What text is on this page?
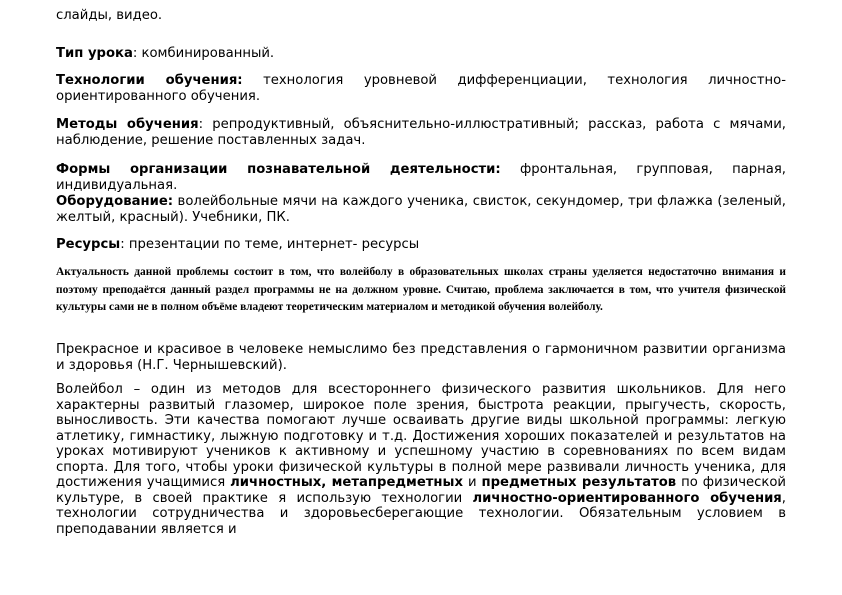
слайды, видео.
Тип урока: комбинированный.
Технологии обучения: технология уровневой дифференциации, технология личностно-ориентированного обучения.
Методы обучения: репродуктивный, объяснительно-иллюстративный; рассказ, работа с мячами, наблюдение, решение поставленных задач.
Формы организации познавательной деятельности: фронтальная, групповая, парная, индивидуальная.
Оборудование: волейбольные мячи на каждого ученика, свисток, секундомер, три флажка (зеленый, желтый, красный). Учебники, ПК.
Ресурсы: презентации по теме, интернет- ресурсы
Актуальность данной проблемы состоит в том, что волейболу в образовательных школах страны уделяется недостаточно внимания и поэтому преподаётся данный раздел программы не на должном уровне. Считаю, проблема заключается в том, что учителя физической культуры сами не в полном объёме владеют теоретическим материалом и методикой обучения волейболу.
Прекрасное и красивое в человеке немыслимо без представления о гармоничном развитии организма и здоровья (Н.Г. Чернышевский).
Волейбол – один из методов для всестороннего физического развития школьников. Для него характерны развитый глазомер, широкое поле зрения, быстрота реакции, прыгучесть, скорость, выносливость. Эти качества помогают лучше осваивать другие виды школьной программы: легкую атлетику, гимнастику, лыжную подготовку и т.д. Достижения хороших показателей и результатов на уроках мотивируют учеников к активному и успешному участию в соревнованиях по всем видам спорта. Для того, чтобы уроки физической культуры в полной мере развивали личность ученика, для достижения учащимися личностных, метапредметных и предметных результатов по физической культуре, в своей практике я использую технологии личностно-ориентированного обучения, технологии сотрудничества и здоровьесберегающие технологии. Обязательным условием в преподавании является и
